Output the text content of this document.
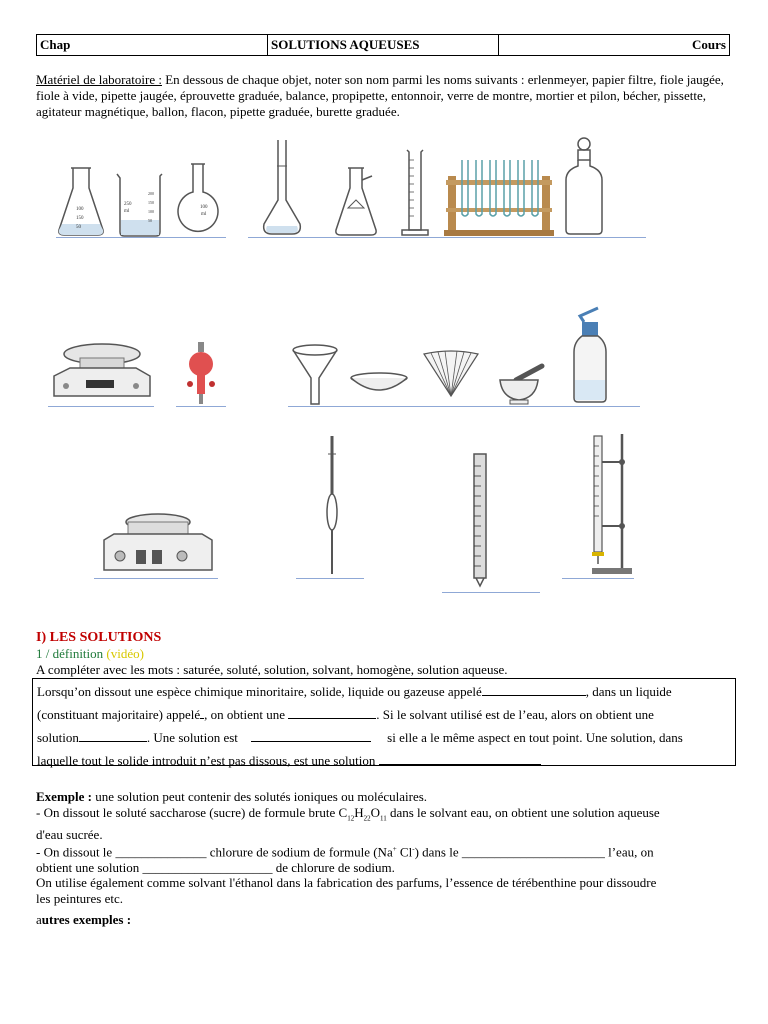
Chap	SOLUTIONS AQUEUSES	Cours
Matériel de laboratoire : En dessous de chaque objet, noter son nom parmi les noms suivants : erlenmeyer, papier filtre, fiole jaugée, fiole à vide, pipette jaugée, éprouvette graduée, balance, propipette, entonnoir, verre de montre, mortier et pilon, bécher, pissette, agitateur magnétique, ballon, flacon, pipette graduée, burette graduée.
100
150
50
250
ml
200
150
100
50
100
ml
I) LES SOLUTIONS
1 / définition (vidéo)
A compléter avec les mots : saturée, soluté, solution, solvant, homogène, solution aqueuse.
Lorsqu’on dissout une espèce chimique minoritaire, solide, liquide ou gazeuse appelé	, dans un liquide
(constituant majoritaire) appelé , on obtient une	. Si le solvant utilisé est de l’eau, alors on obtient une
solution	. Une solution est	si elle a le même aspect en tout point. Une solution, dans
laquelle tout le solide introduit n’est pas dissous, est une solution

Exemple : une solution peut contenir des solutés ioniques ou moléculaires.

- On dissout le soluté saccharose (sucre) de formule brute $C_{12}H_{22}O_{11}$ dans le solvant eau, on obtient une solution aqueuse

d'eau sucrée.

- On dissout le ______________ chlorure de sodium de formule (Na+ Cl-) dans le ______________________ l’eau, on

obtient une solution ____________________ de chlorure de sodium.

On utilise également comme solvant l'éthanol dans la fabrication des parfums, l’essence de térébenthine pour dissoudre

les peintures etc.

autres exemples :
